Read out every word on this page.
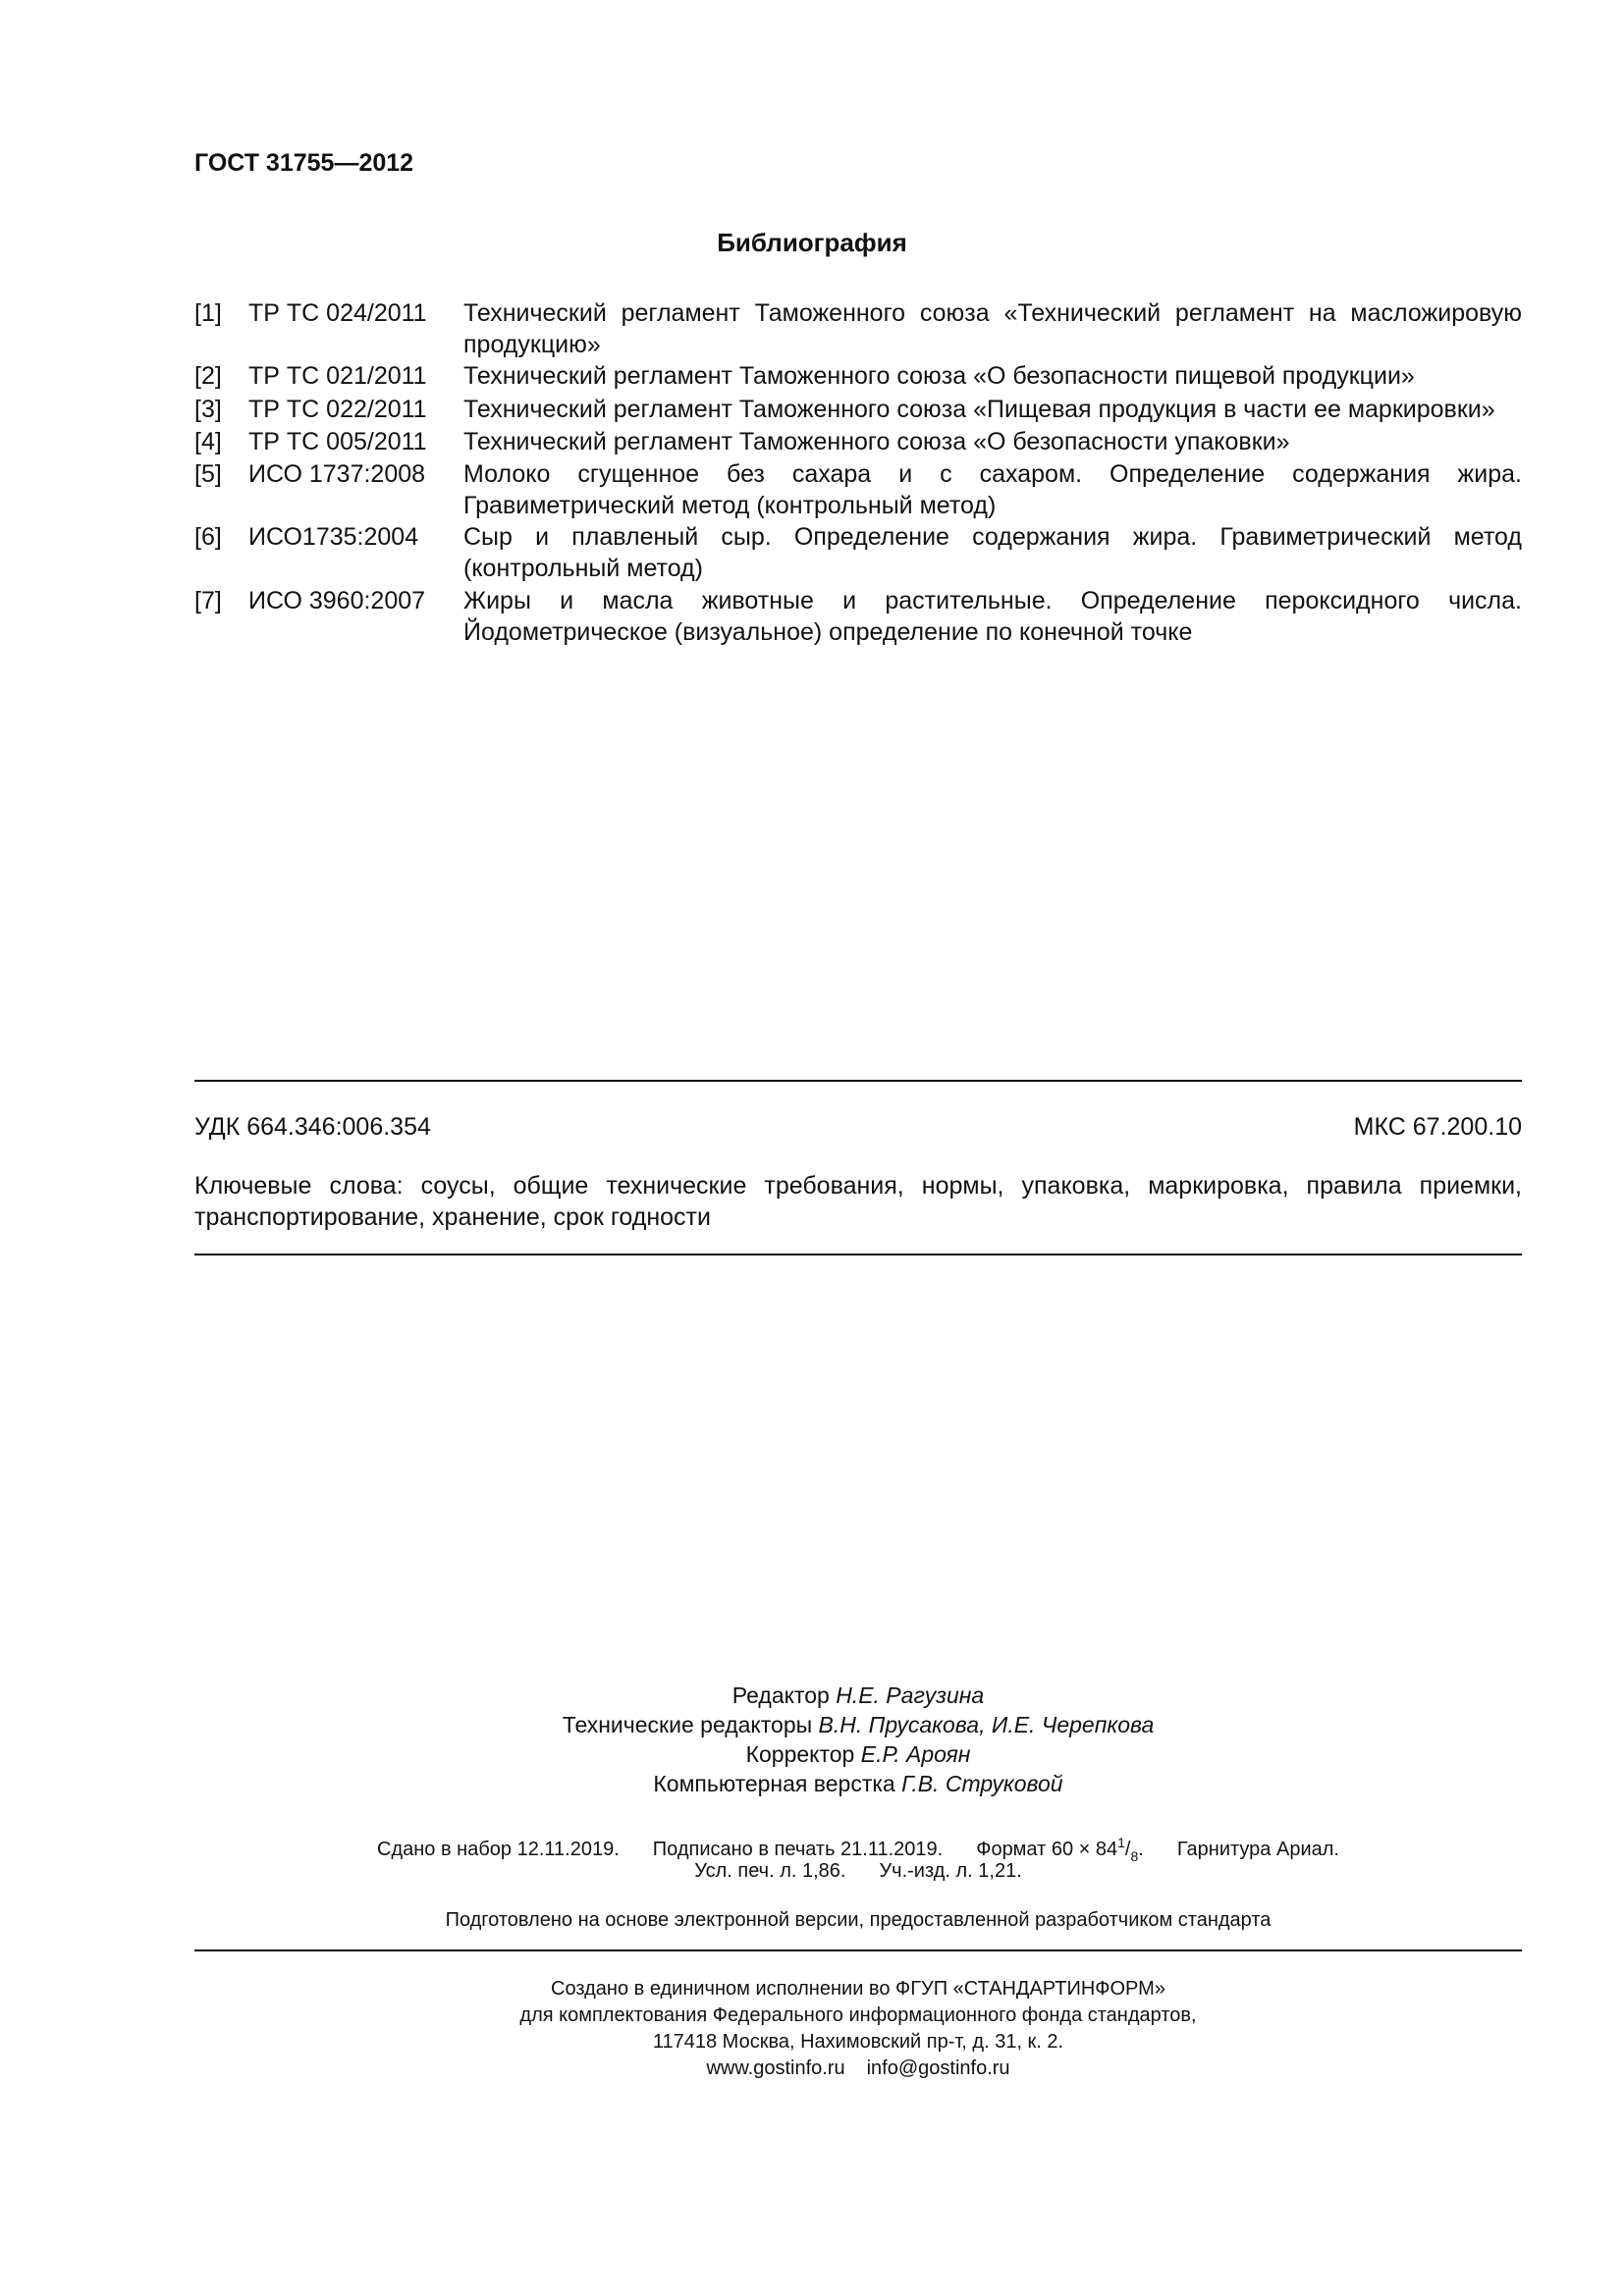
ГОСТ 31755—2012
Библиография
[1]	ТР ТС 024/2011	Технический регламент Таможенного союза «Технический регламент на масложировую продукцию»
[2]	ТР ТС 021/2011	Технический регламент Таможенного союза «О безопасности пищевой продукции»
[3]	ТР ТС 022/2011	Технический регламент Таможенного союза «Пищевая продукция в части ее маркировки»
[4]	ТР ТС 005/2011	Технический регламент Таможенного союза «О безопасности упаковки»
[5]	ИСО 1737:2008	Молоко сгущенное без сахара и с сахаром. Определение содержания жира. Гравиметрический метод (контрольный метод)
[6]	ИСО1735:2004	Сыр и плавленый сыр. Определение содержания жира. Гравиметрический метод (контрольный метод)
[7]	ИСО 3960:2007	Жиры и масла животные и растительные. Определение пероксидного числа. Йодометрическое (визуальное) определение по конечной точке
УДК 664.346:006.354	МКС 67.200.10
Ключевые слова: соусы, общие технические требования, нормы, упаковка, маркировка, правила приемки, транспортирование, хранение, срок годности
Редактор Н.Е. Рагузина
Технические редакторы В.Н. Прусакова, И.Е. Черепкова
Корректор Е.Р. Ароян
Компьютерная верстка Г.В. Струковой
Сдано в набор 12.11.2019. Подписано в печать 21.11.2019. Формат $60 \times 84^1/_8$. Гарнитура Ариал.
Усл. печ. л. 1,86. Уч.-изд. л. 1,21.
Подготовлено на основе электронной версии, предоставленной разработчиком стандарта
Создано в единичном исполнении во ФГУП «СТАНДАРТИНФОРМ»
для комплектования Федерального информационного фонда стандартов,
117418 Москва, Нахимовский пр-т, д. 31, к. 2.
www.gostinfo.ru info@gostinfo.ru
